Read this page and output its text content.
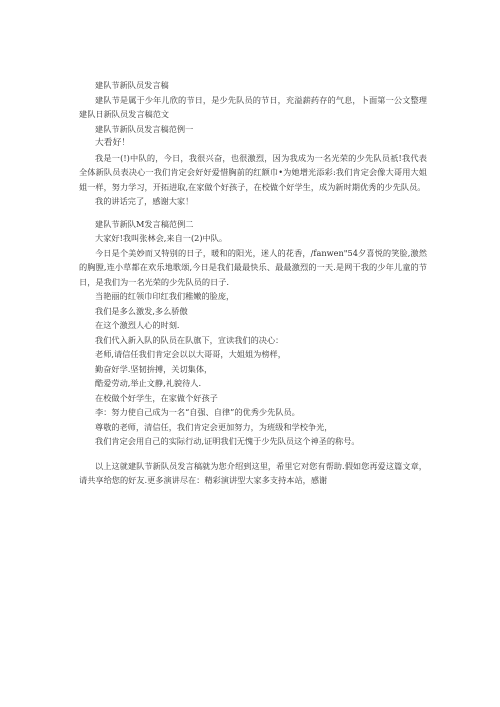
建队节新队员发言稿

建队节是属于少年儿欣的节日，是少先队员的节日，充溢薪药存的气息，卜面第一公文整理建队日新队员发言稿范文

建队节新队员发言稿范例一

大看好！

我是一(!)中队的，今日，我很兴奋，也很激烈，因为我成为一名光荣的少先队员祇!我代表全体新队员表决心一我们肯定会好好爱惜胸前的红额巾•为她增光添彩:我们肯定会像大哥用大姐姐一样，努力学习，开拓进取,在家做个好孩子，在校做个好学生，成为新时期优秀的少先队员。

我的讲话完了，感谢大家！

建队节新队M发言稿范例二

大家好!我叫张林会,来自一(2)中队。

今日是个美妙而又特别的日子，暖和的阳光，迷人的花香，/fanwen"54夕喜悦的笑脸,激然的胸膛,连小草都在欢乐地歌颂,今日是我们最最快乐、最最激烈的一天.是网干我的少年儿童的节日，是我们为一名光荣的少先队员的日子.

当艳丽的红领巾印红我们稚嫩的脸庞，

我们是多么激发,多么骄傲

在这个激烈人心的时刻.

我们代入新入队的队员在队旗下，宣读我们的决心：

老师,请信任我们肯定会以以大哥哥，大姐姐为榜样，

勤奋好学.坚韧拚搏，关切集体，

酷爱劳动,举止文静,礼貌待人.

在校做个好学生，在家做个好孩子

李：努力使自己成为一名“自强、自律”的优秀少先队员。

尊敬的老师，清信任，我们肯定会更加努力，为班级和学校争光，

我们肯定会用自己的实际行动,证明我们无愧于少先队员这个神圣的称号。

以上这就建队节新队员发言稿就为您介绍到这里，希里它对您有帮助.假如您再爱这篇文章，请共享给您的好友.更多演讲尽在：精彩演讲型大家多支持本站，感谢
